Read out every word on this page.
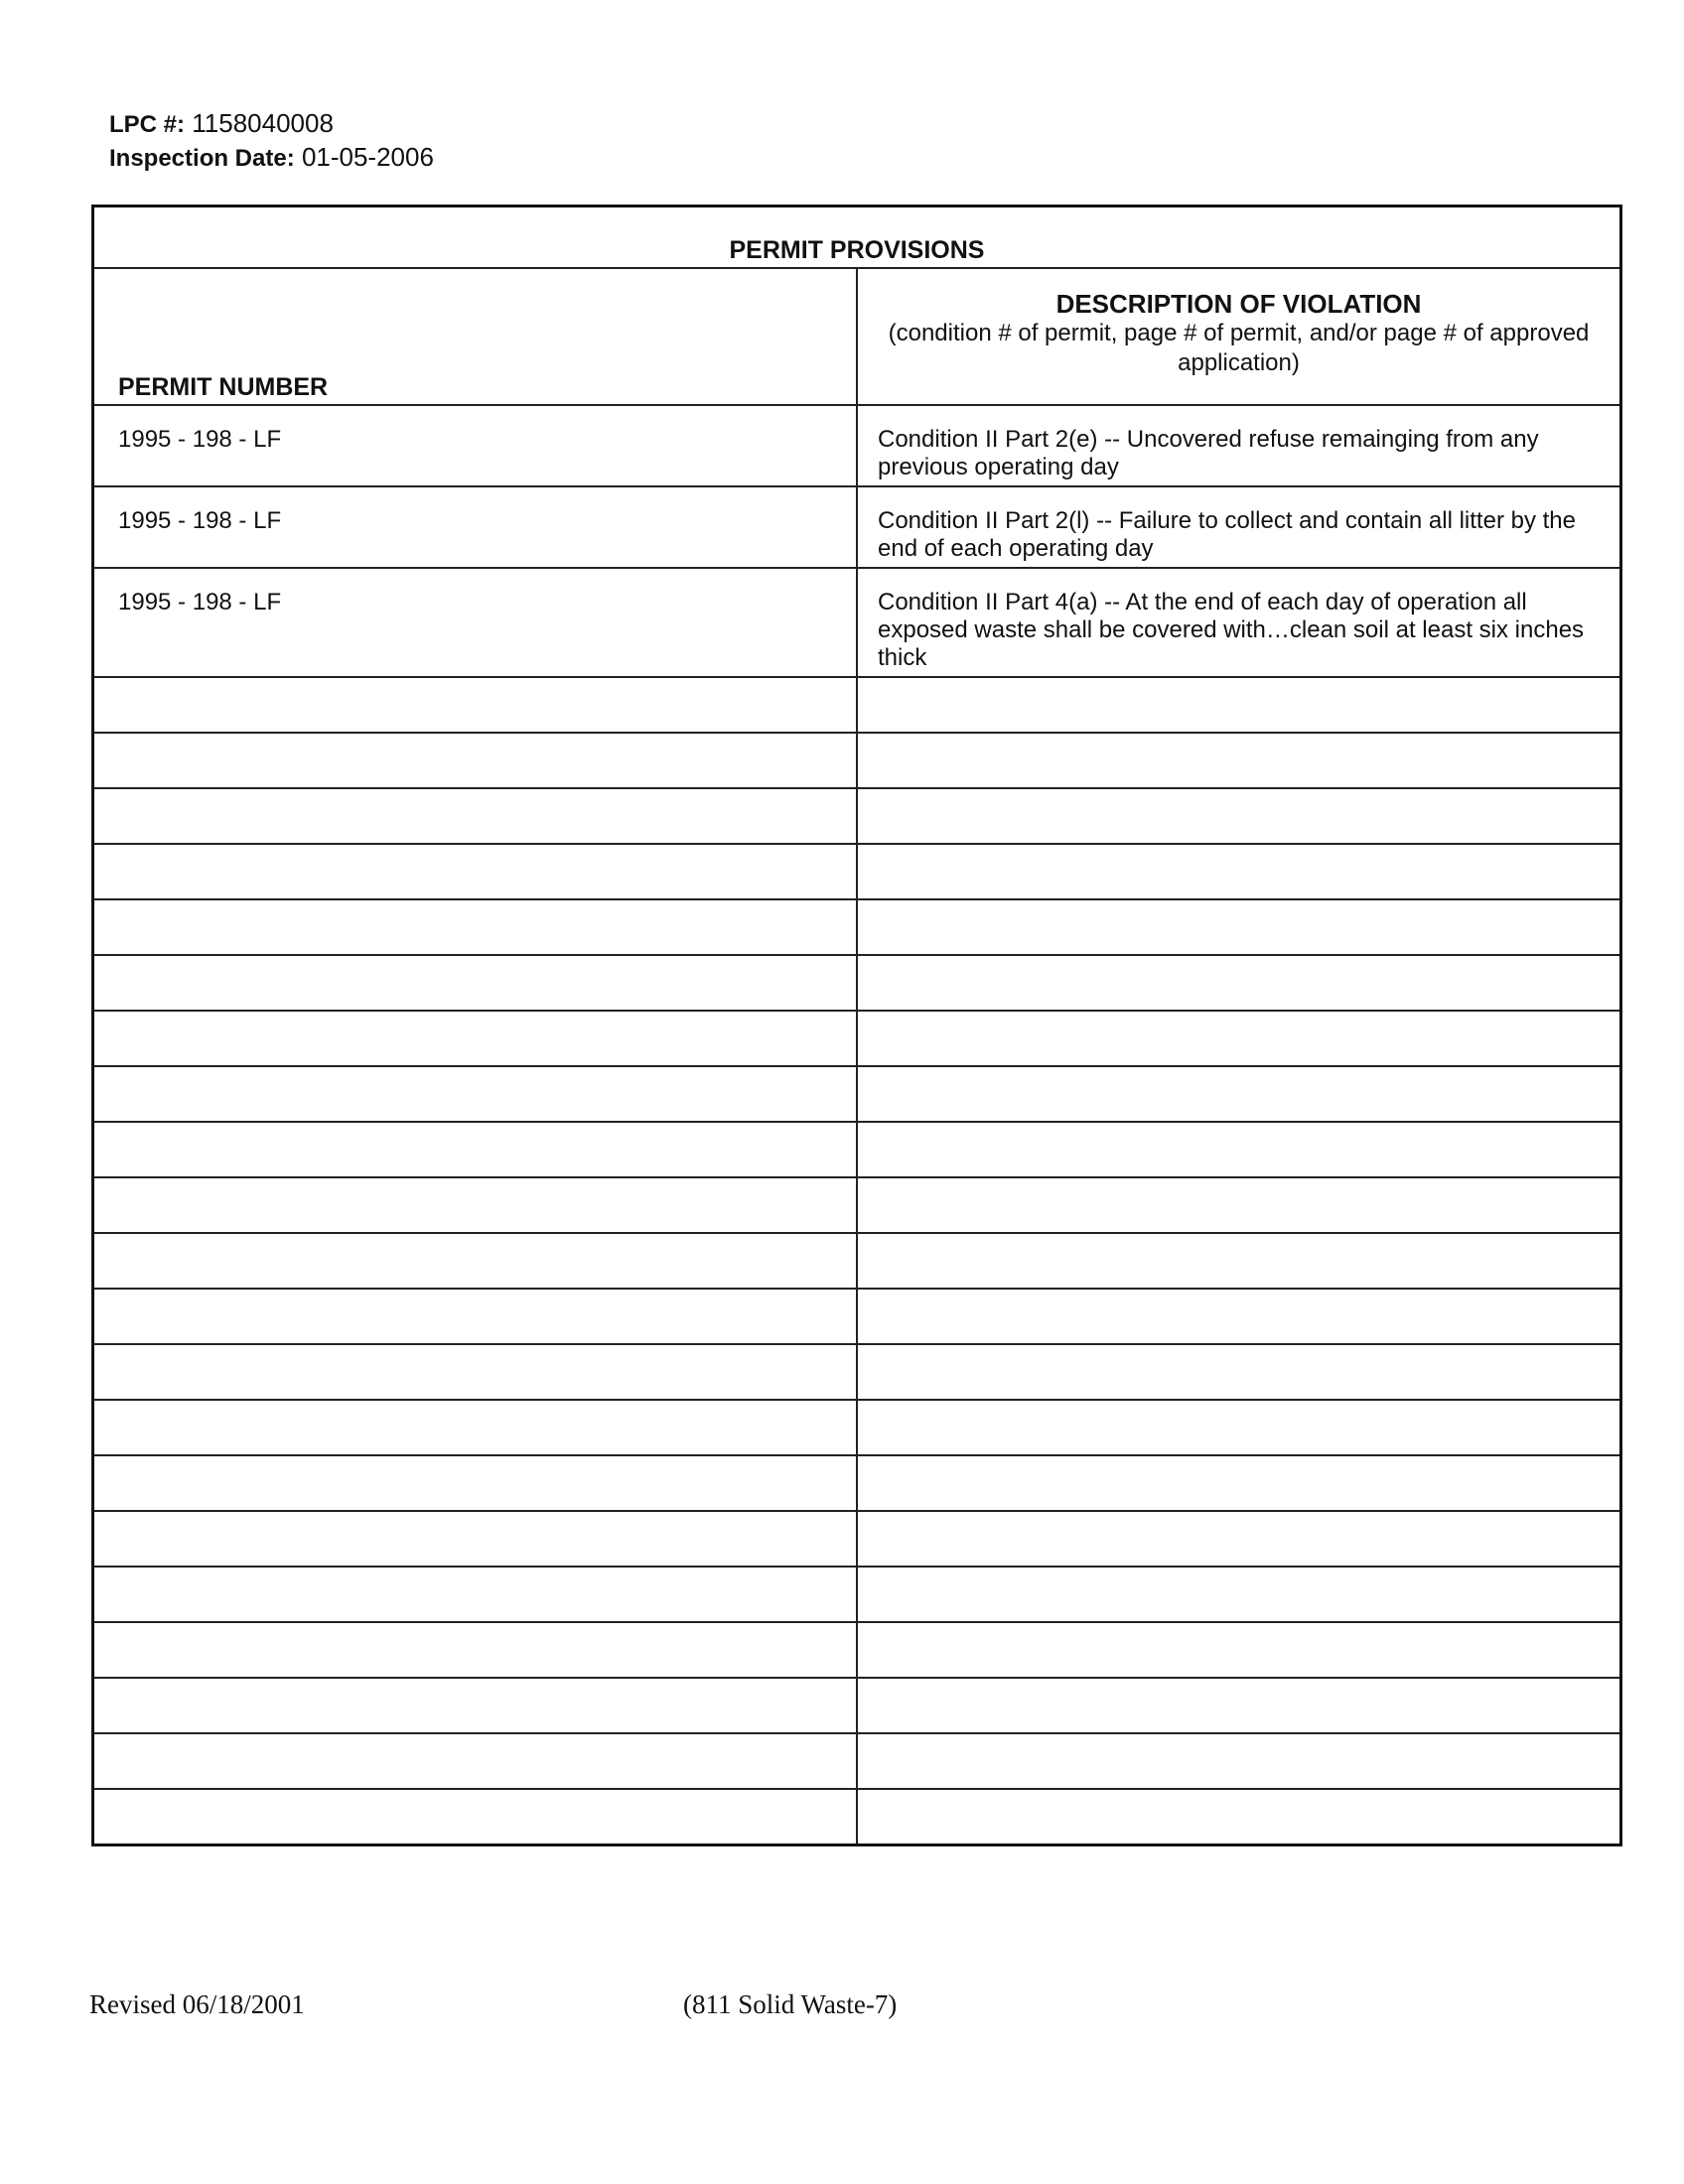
LPC #: 1158040008
Inspection Date: 01-05-2006
PERMIT PROVISIONS	
PERMIT NUMBER	DESCRIPTION OF VIOLATION
(condition # of permit, page # of permit, and/or page # of approved application)

1995 - 198 - LF	Condition II Part 2(e) -- Uncovered refuse remainging from any previous operating day
1995 - 198 - LF	Condition II Part 2(l) -- Failure to collect and contain all litter by the end of each operating day
1995 - 198 - LF	Condition II Part 4(a) -- At the end of each day of operation all exposed waste shall be covered with…clean soil at least six inches thick

Revised 06/18/2001	(811 Solid Waste-7)
